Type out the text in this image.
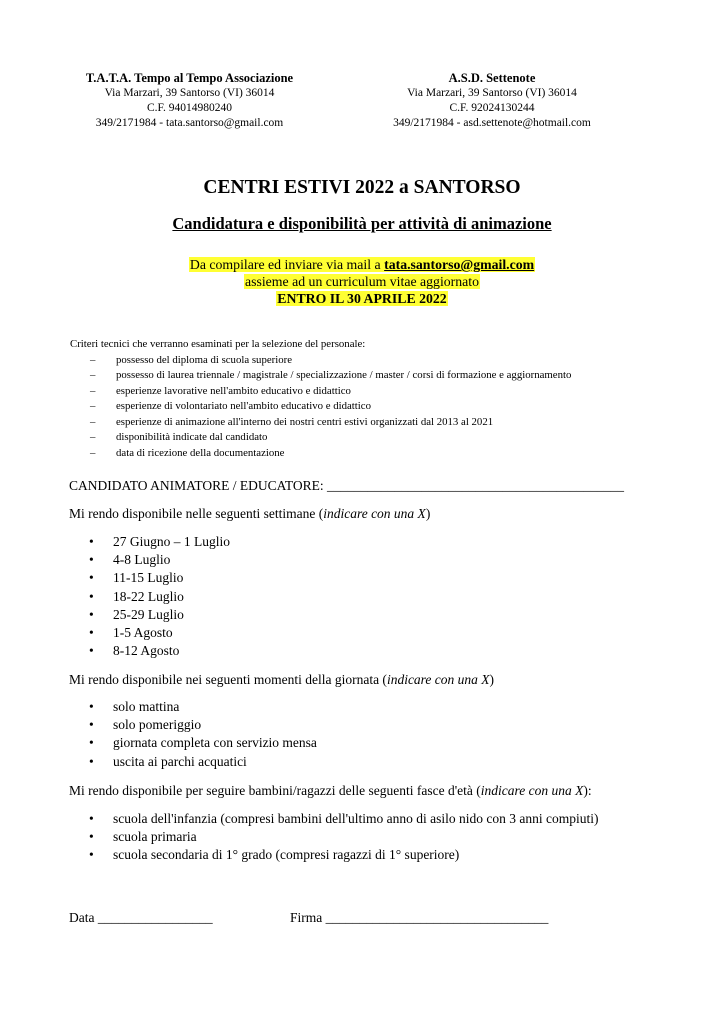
T.A.T.A. Tempo al Tempo Associazione
Via Marzari, 39 Santorso (VI) 36014
C.F. 94014980240
349/2171984 - tata.santorso@gmail.com
A.S.D. Settenote
Via Marzari, 39 Santorso (VI) 36014
C.F. 92024130244
349/2171984 - asd.settenote@hotmail.com
CENTRI ESTIVI 2022 a SANTORSO
Candidatura e disponibilità per attività di animazione
Da compilare ed inviare via mail a tata.santorso@gmail.com
assieme ad un curriculum vitae aggiornato
ENTRO IL 30 APRILE 2022
Criteri tecnici che verranno esaminati per la selezione del personale:
– possesso del diploma di scuola superiore
– possesso di laurea triennale / magistrale / specializzazione / master / corsi di formazione e aggiornamento
– esperienze lavorative nell'ambito educativo e didattico
– esperienze di volontariato nell'ambito educativo e didattico
– esperienze di animazione all'interno dei nostri centri estivi organizzati dal 2013 al 2021
– disponibilità indicate dal candidato
– data di ricezione della documentazione
CANDIDATO ANIMATORE / EDUCATORE: ____________________________________________
Mi rendo disponibile nelle seguenti settimane (indicare con una X)
• 27 Giugno – 1 Luglio
• 4-8 Luglio
• 11-15 Luglio
• 18-22 Luglio
• 25-29 Luglio
• 1-5 Agosto
• 8-12 Agosto
Mi rendo disponibile nei seguenti momenti della giornata (indicare con una X)
• solo mattina
• solo pomeriggio
• giornata completa con servizio mensa
• uscita ai parchi acquatici
Mi rendo disponibile per seguire bambini/ragazzi delle seguenti fasce d'età (indicare con una X):
• scuola dell'infanzia (compresi bambini dell'ultimo anno di asilo nido con 3 anni compiuti)
• scuola primaria
• scuola secondaria di 1° grado (compresi ragazzi di 1° superiore)
Data _________________	Firma _________________________________
